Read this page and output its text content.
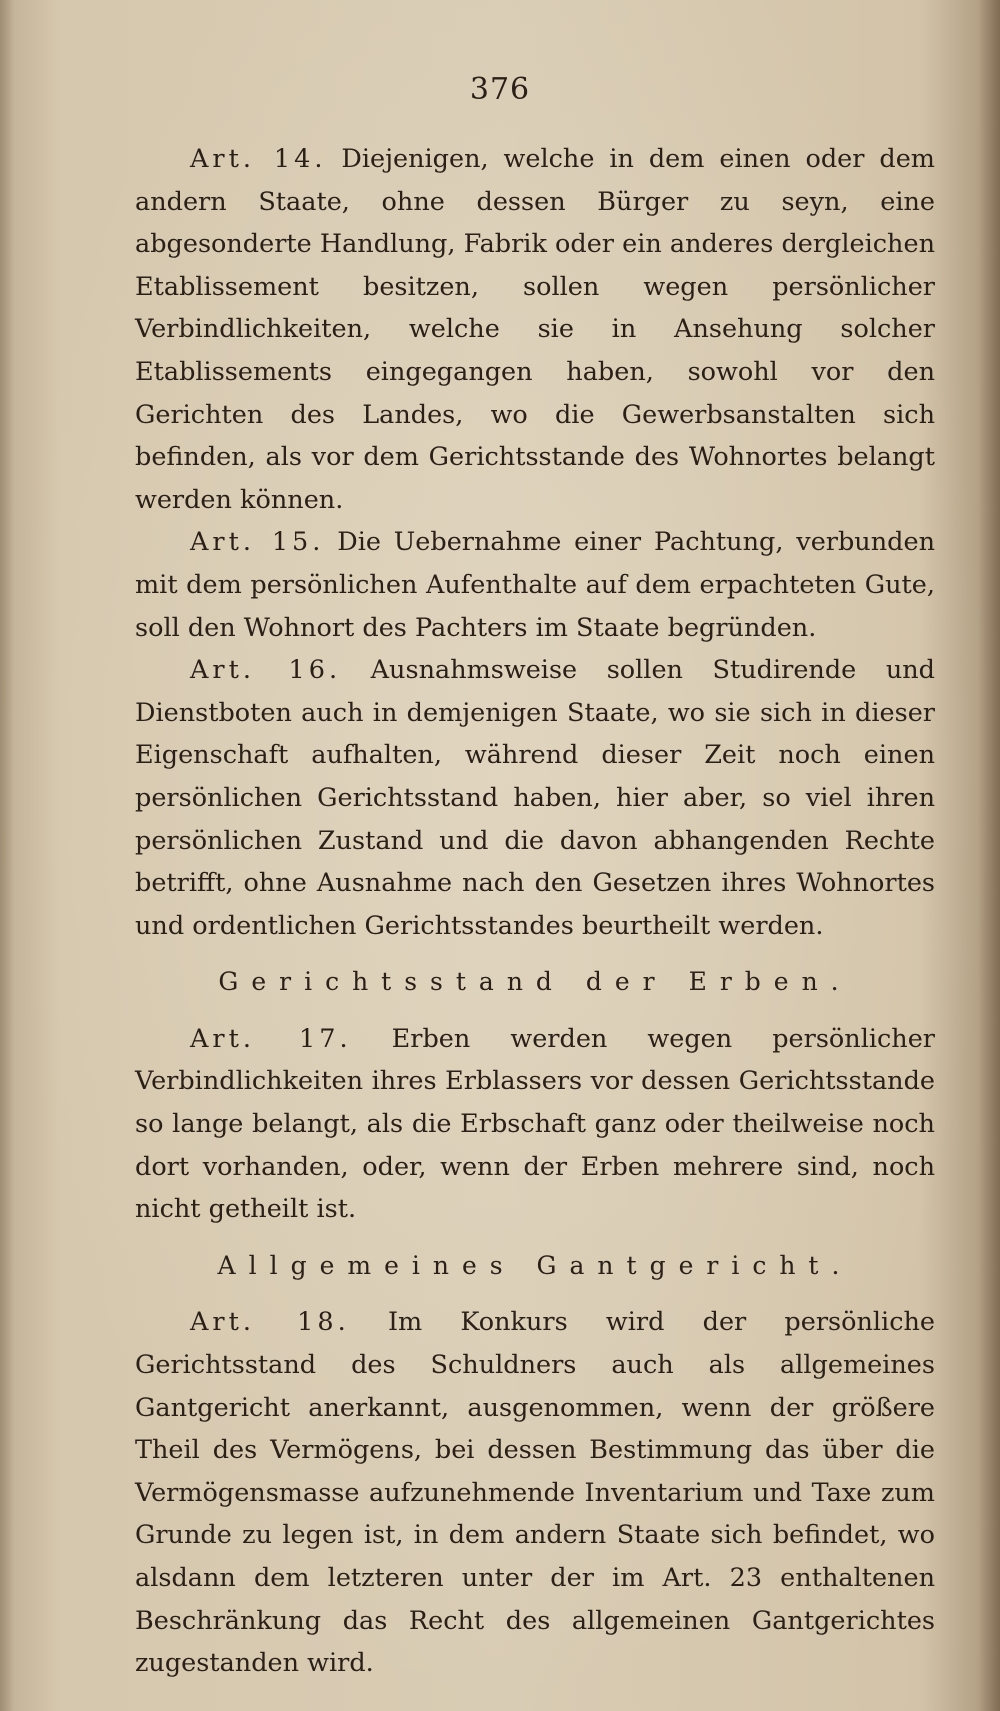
376

Art. 14. Diejenigen, welche in dem einen oder dem andern Staate, ohne dessen Bürger zu seyn, eine abgesonderte Handlung, Fabrik oder ein anderes dergleichen Etablissement besitzen, sollen wegen persönlicher Verbindlichkeiten, welche sie in Ansehung solcher Etablissements eingegangen haben, sowohl vor den Gerichten des Landes, wo die Gewerbsanstalten sich befinden, als vor dem Gerichtsstande des Wohnortes belangt werden können.

Art. 15. Die Uebernahme einer Pachtung, verbunden mit dem persönlichen Aufenthalte auf dem erpachteten Gute, soll den Wohnort des Pachters im Staate begründen.

Art. 16. Ausnahmsweise sollen Studirende und Dienstboten auch in demjenigen Staate, wo sie sich in dieser Eigenschaft aufhalten, während dieser Zeit noch einen persönlichen Gerichtsstand haben, hier aber, so viel ihren persönlichen Zustand und die davon abhangenden Rechte betrifft, ohne Ausnahme nach den Gesetzen ihres Wohnortes und ordentlichen Gerichtsstandes beurtheilt werden.

Gerichtsstand der Erben.

Art. 17. Erben werden wegen persönlicher Verbindlichkeiten ihres Erblassers vor dessen Gerichtsstande so lange belangt, als die Erbschaft ganz oder theilweise noch dort vorhanden, oder, wenn der Erben mehrere sind, noch nicht getheilt ist.

Allgemeines Gantgericht.

Art. 18. Im Konkurs wird der persönliche Gerichtsstand des Schuldners auch als allgemeines Gantgericht anerkannt, ausgenommen, wenn der größere Theil des Vermögens, bei dessen Bestimmung das über die Vermögensmasse aufzunehmende Inventarium und Taxe zum Grunde zu legen ist, in dem andern Staate sich befindet, wo alsdann dem letzteren unter der im Art. 23 enthaltenen Beschränkung das Recht des allgemeinen Gantgerichtes zugestanden wird.
